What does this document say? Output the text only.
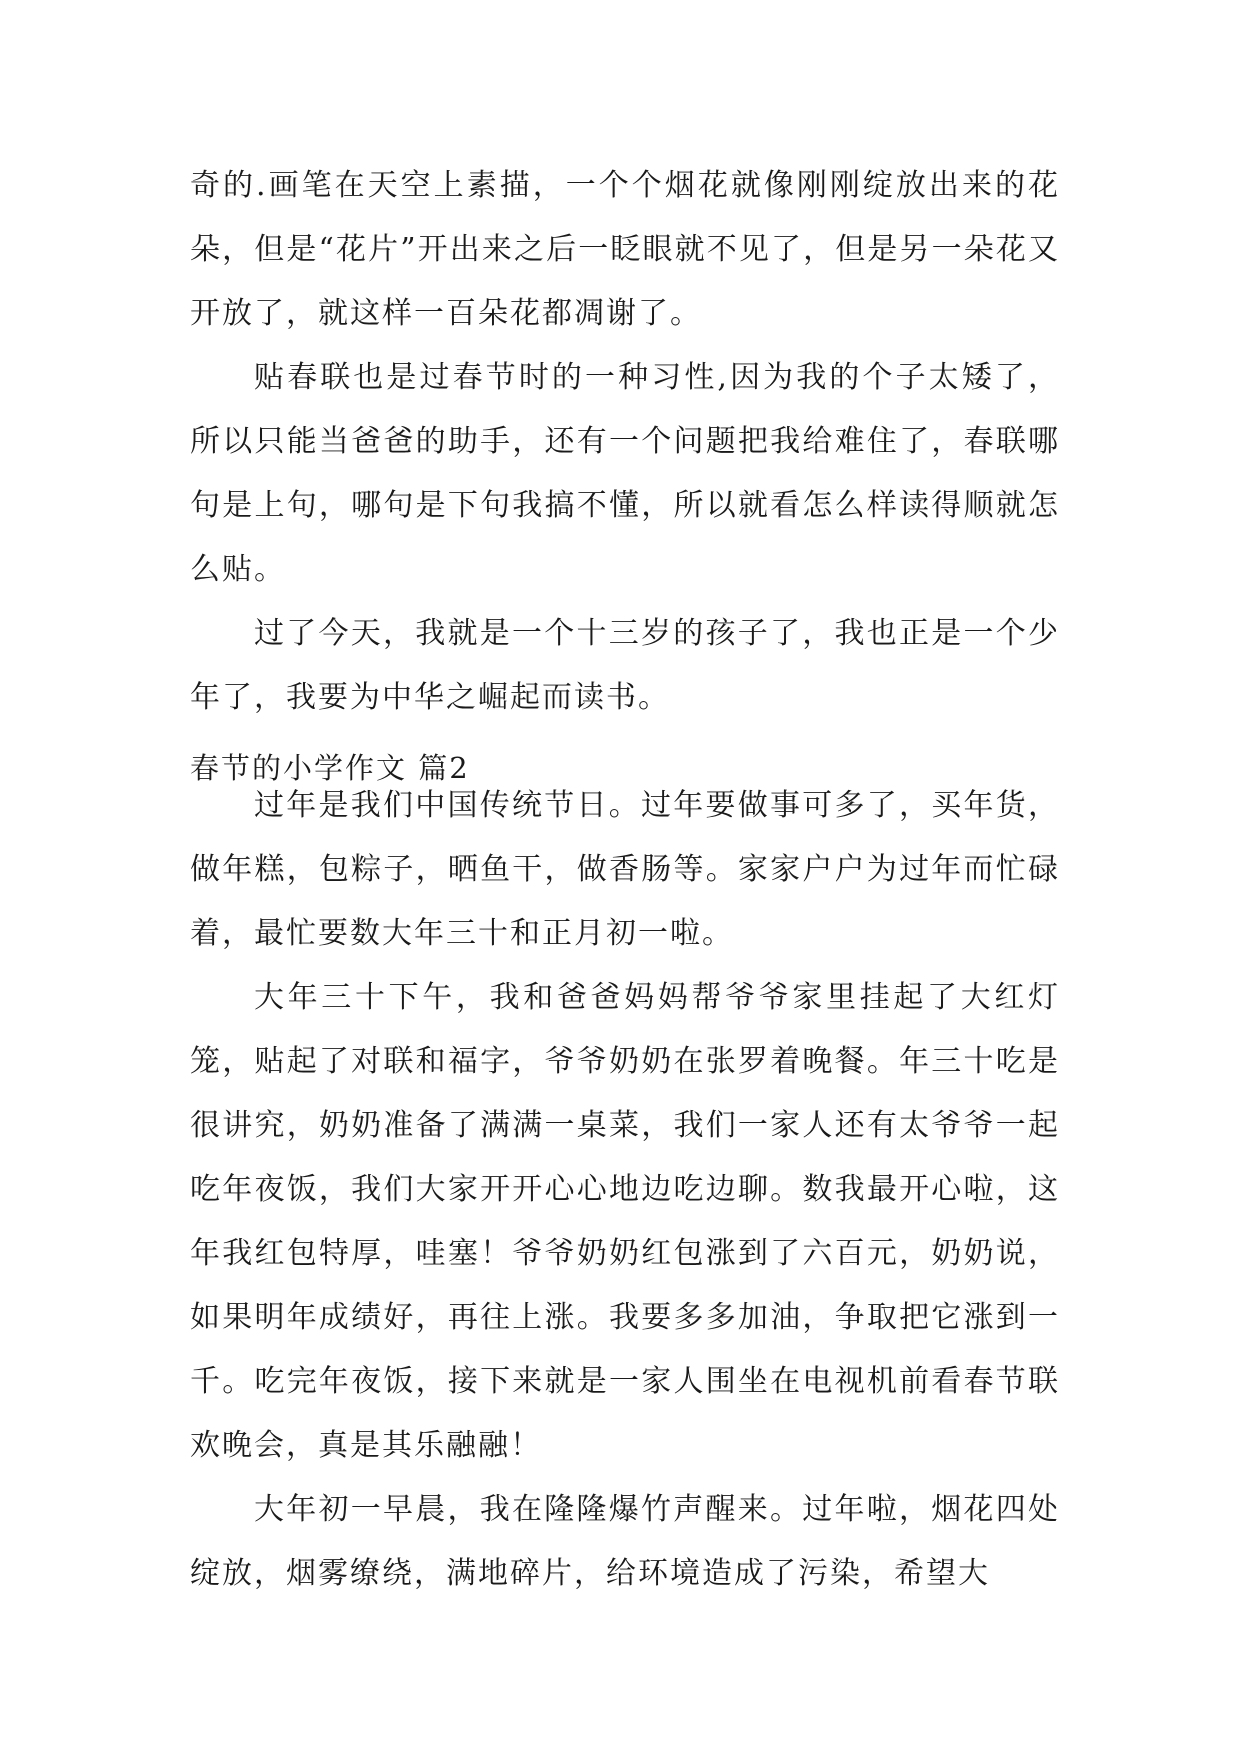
奇的.画笔在天空上素描，一个个烟花就像刚刚绽放出来的花朵，但是“花片”开出来之后一眨眼就不见了，但是另一朵花又开放了，就这样一百朵花都凋谢了。

贴春联也是过春节时的一种习性,因为我的个子太矮了，所以只能当爸爸的助手，还有一个问题把我给难住了，春联哪句是上句，哪句是下句我搞不懂，所以就看怎么样读得顺就怎么贴。

过了今天，我就是一个十三岁的孩子了，我也正是一个少年了，我要为中华之崛起而读书。

春节的小学作文 篇2

过年是我们中国传统节日。过年要做事可多了，买年货，做年糕，包粽子，晒鱼干，做香肠等。家家户户为过年而忙碌着，最忙要数大年三十和正月初一啦。

大年三十下午，我和爸爸妈妈帮爷爷家里挂起了大红灯笼，贴起了对联和福字，爷爷奶奶在张罗着晚餐。年三十吃是很讲究，奶奶准备了满满一桌菜，我们一家人还有太爷爷一起吃年夜饭，我们大家开开心心地边吃边聊。数我最开心啦，这年我红包特厚，哇塞！爷爷奶奶红包涨到了六百元，奶奶说，如果明年成绩好，再往上涨。我要多多加油，争取把它涨到一千。吃完年夜饭，接下来就是一家人围坐在电视机前看春节联欢晚会，真是其乐融融！

大年初一早晨，我在隆隆爆竹声醒来。过年啦，烟花四处绽放，烟雾缭绕，满地碎片，给环境造成了污染，希望大
